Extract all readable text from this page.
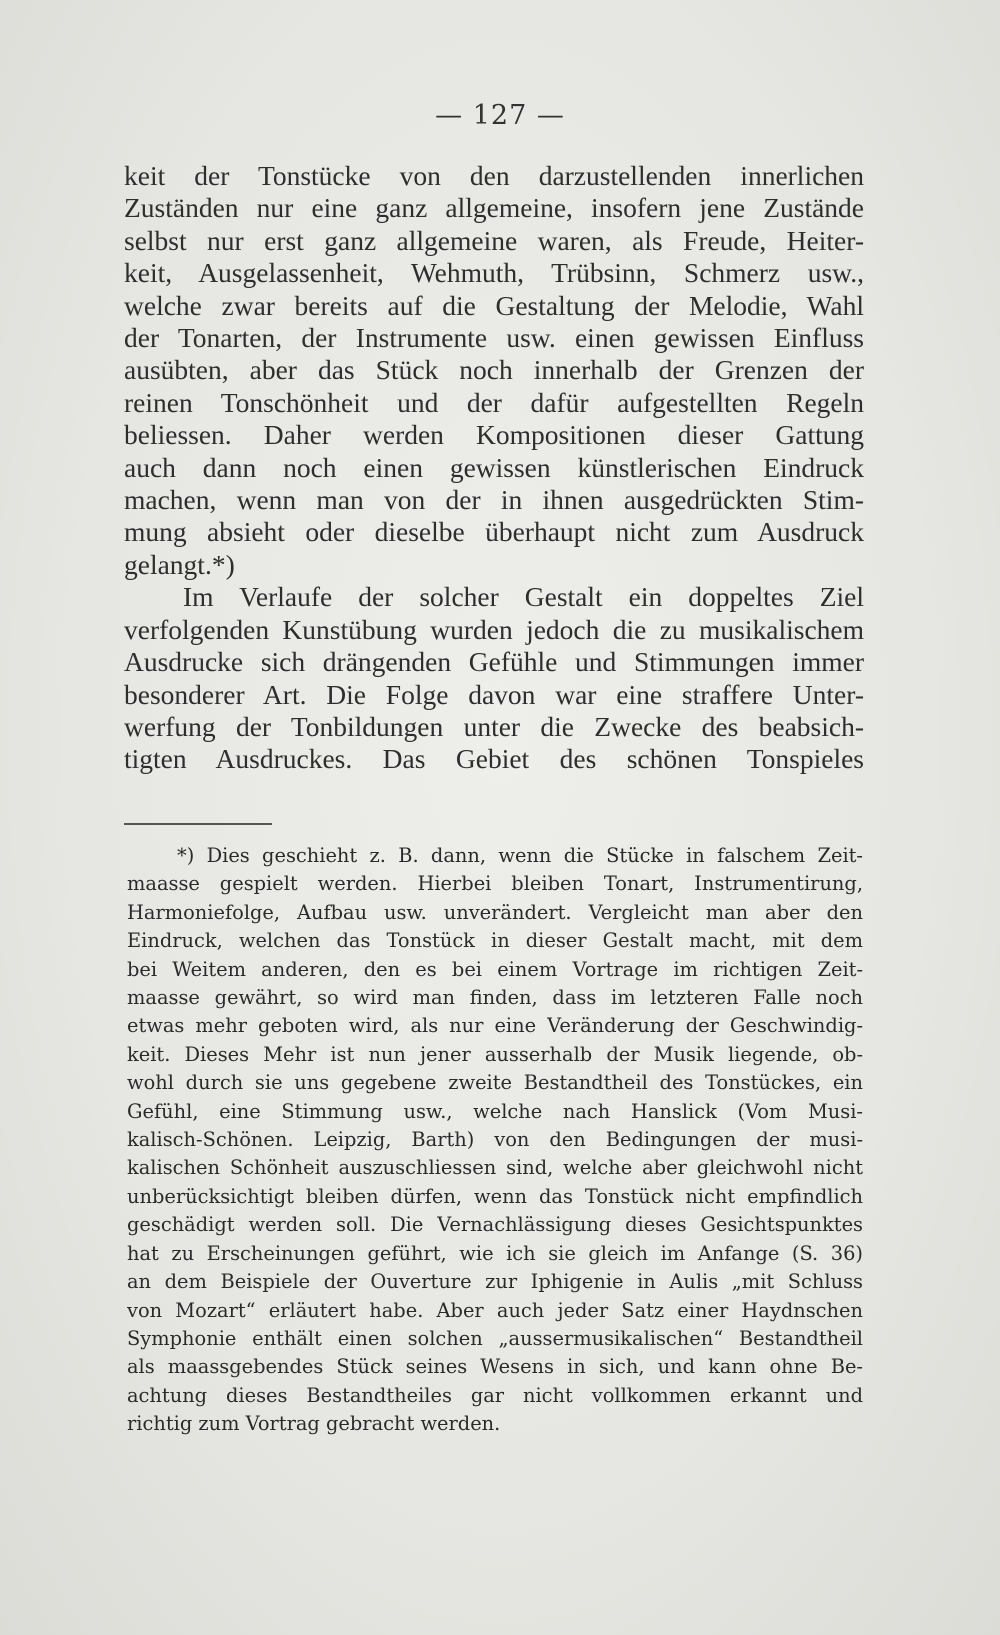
— 127 —
keit der Tonstücke von den darzustellenden innerlichen
Zuständen nur eine ganz allgemeine, insofern jene Zustände
selbst nur erst ganz allgemeine waren, als Freude, Heiter-
keit, Ausgelassenheit, Wehmuth, Trübsinn, Schmerz usw.,
welche zwar bereits auf die Gestaltung der Melodie, Wahl
der Tonarten, der Instrumente usw. einen gewissen Einfluss
ausübten, aber das Stück noch innerhalb der Grenzen der
reinen Tonschönheit und der dafür aufgestellten Regeln
beliessen. Daher werden Kompositionen dieser Gattung
auch dann noch einen gewissen künstlerischen Eindruck
machen, wenn man von der in ihnen ausgedrückten Stim-
mung absieht oder dieselbe überhaupt nicht zum Ausdruck
gelangt.*)
Im Verlaufe der solcher Gestalt ein doppeltes Ziel
verfolgenden Kunstübung wurden jedoch die zu musikalischem
Ausdrucke sich drängenden Gefühle und Stimmungen immer
besonderer Art. Die Folge davon war eine straffere Unter-
werfung der Tonbildungen unter die Zwecke des beabsich-
tigten Ausdruckes. Das Gebiet des schönen Tonspieles
*) Dies geschieht z. B. dann, wenn die Stücke in falschem Zeit-
maasse gespielt werden. Hierbei bleiben Tonart, Instrumentirung,
Harmoniefolge, Aufbau usw. unverändert. Vergleicht man aber den
Eindruck, welchen das Tonstück in dieser Gestalt macht, mit dem
bei Weitem anderen, den es bei einem Vortrage im richtigen Zeit-
maasse gewährt, so wird man finden, dass im letzteren Falle noch
etwas mehr geboten wird, als nur eine Veränderung der Geschwindig-
keit. Dieses Mehr ist nun jener ausserhalb der Musik liegende, ob-
wohl durch sie uns gegebene zweite Bestandtheil des Tonstückes, ein
Gefühl, eine Stimmung usw., welche nach Hanslick (Vom Musi-
kalisch-Schönen. Leipzig, Barth) von den Bedingungen der musi-
kalischen Schönheit auszuschliessen sind, welche aber gleichwohl nicht
unberücksichtigt bleiben dürfen, wenn das Tonstück nicht empfindlich
geschädigt werden soll. Die Vernachlässigung dieses Gesichtspunktes
hat zu Erscheinungen geführt, wie ich sie gleich im Anfange (S. 36)
an dem Beispiele der Ouverture zur Iphigenie in Aulis „mit Schluss
von Mozart“ erläutert habe. Aber auch jeder Satz einer Haydnschen
Symphonie enthält einen solchen „aussermusikalischen“ Bestandtheil
als maassgebendes Stück seines Wesens in sich, und kann ohne Be-
achtung dieses Bestandtheiles gar nicht vollkommen erkannt und
richtig zum Vortrag gebracht werden.
